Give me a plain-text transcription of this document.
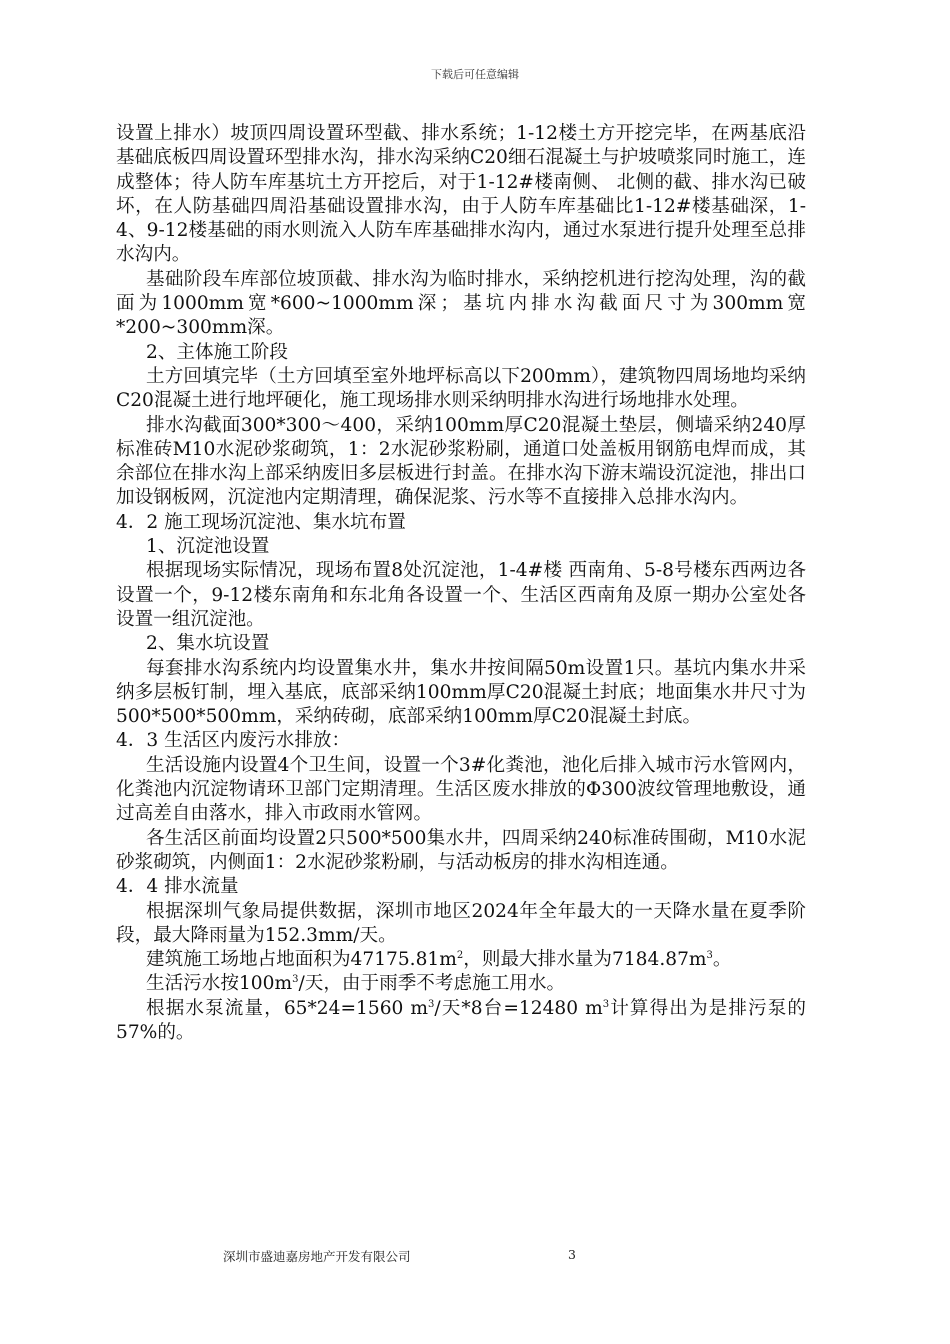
下载后可任意编辑

设置上排水）坡顶四周设置环型截、排水系统；1-12楼土方开挖完毕，在两基底沿基础底板四周设置环型排水沟，排水沟采纳C20细石混凝土与护坡喷浆同时施工，连成整体；待人防车库基坑土方开挖后，对于1-12#楼南侧、 北侧的截、排水沟已破坏，在人防基础四周沿基础设置排水沟，由于人防车库基础比1-12#楼基础深，1-4、9-12楼基础的雨水则流入人防车库基础排水沟内，通过水泵进行提升处理至总排水沟内。

基础阶段车库部位坡顶截、排水沟为临时排水，采纳挖机进行挖沟处理，沟的截面为1000mm宽*600~1000mm深；基坑内排水沟截面尺寸为300mm宽*200~300mm深。

2、主体施工阶段

土方回填完毕（土方回填至室外地坪标高以下200mm），建筑物四周场地均采纳C20混凝土进行地坪硬化，施工现场排水则采纳明排水沟进行场地排水处理。

排水沟截面300*300～400，采纳100mm厚C20混凝土垫层，侧墙采纳240厚标准砖M10水泥砂浆砌筑，1：2水泥砂浆粉刷，通道口处盖板用钢筋电焊而成，其余部位在排水沟上部采纳废旧多层板进行封盖。在排水沟下游末端设沉淀池，排出口加设钢板网，沉淀池内定期清理，确保泥浆、污水等不直接排入总排水沟内。

4．2 施工现场沉淀池、集水坑布置

1、沉淀池设置

根据现场实际情况，现场布置8处沉淀池，1-4#楼 西南角、5-8号楼东西两边各设置一个，9-12楼东南角和东北角各设置一个、生活区西南角及原一期办公室处各设置一组沉淀池。

2、集水坑设置

每套排水沟系统内均设置集水井，集水井按间隔50m设置1只。基坑内集水井采纳多层板钉制，埋入基底，底部采纳100mm厚C20混凝土封底；地面集水井尺寸为500*500*500mm，采纳砖砌，底部采纳100mm厚C20混凝土封底。

4．3 生活区内废污水排放：

生活设施内设置4个卫生间，设置一个3#化粪池，池化后排入城市污水管网内，化粪池内沉淀物请环卫部门定期清理。生活区废水排放的Φ300波纹管理地敷设，通过高差自由落水，排入市政雨水管网。

各生活区前面均设置2只500*500集水井，四周采纳240标准砖围砌，M10水泥砂浆砌筑，内侧面1：2水泥砂浆粉刷，与活动板房的排水沟相连通。

4．4 排水流量

根据深圳气象局提供数据，深圳市地区2024年全年最大的一天降水量在夏季阶段，最大降雨量为152.3mm/天。

建筑施工场地占地面积为$47175.81m^2$，则最大排水量为$7184.87m^3$。

生活污水按$100m^3/$天，由于雨季不考虑施工用水。

根据水泵流量，65*24=1560 $m^3/$天*8台=12480 $m^3$计算得出为是排污泵的57%的。

深圳市盛迪嘉房地产开发有限公司	3
